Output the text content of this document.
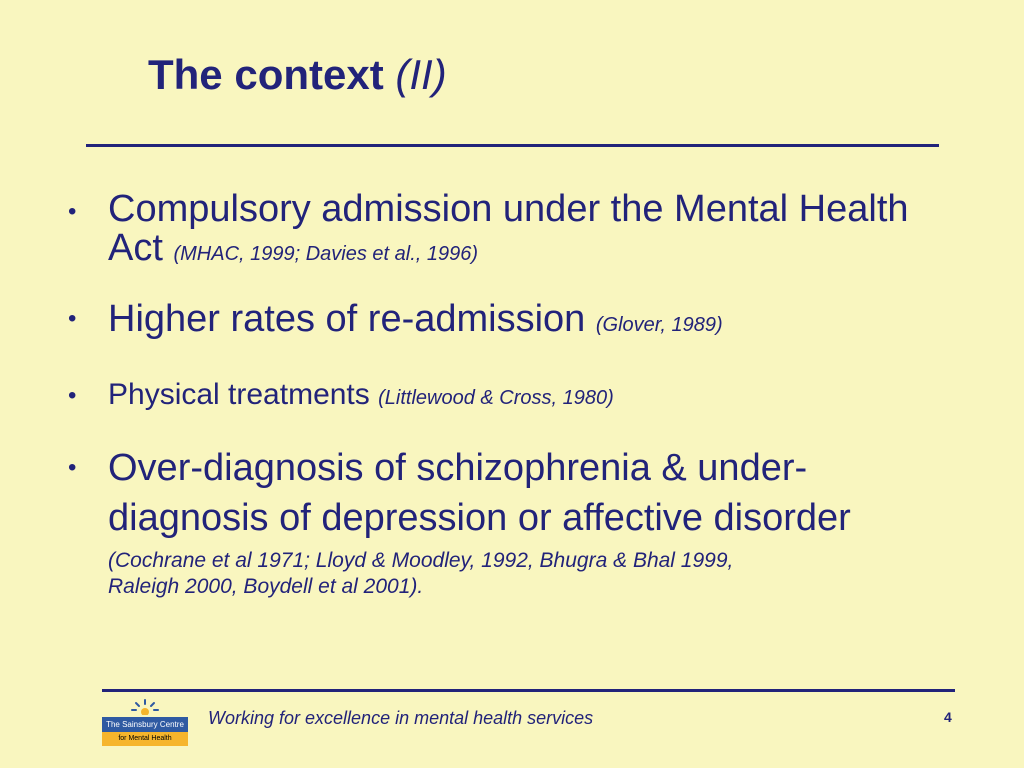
The context (II)
• Compulsory admission under the Mental Health Act (MHAC, 1999; Davies et al., 1996)

• Higher rates of re-admission (Glover, 1989)

• Physical treatments (Littlewood & Cross, 1980)

• Over-diagnosis of schizophrenia & under-
diagnosis of depression or affective disorder
(Cochrane et al 1971; Lloyd & Moodley, 1992, Bhugra & Bhal 1999,
Raleigh 2000, Boydell et al 2001).
The Sainsbury Centre
for Mental Health
Working for excellence in mental health services	4
